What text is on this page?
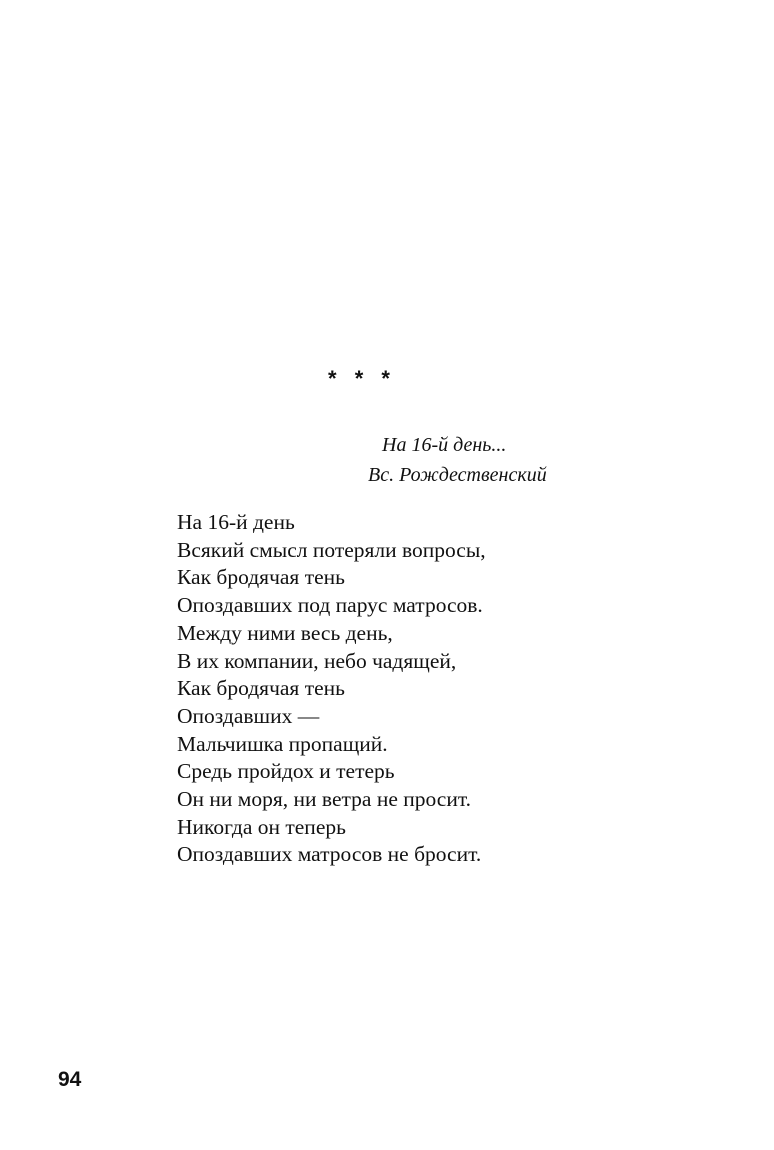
* * *
На 16-й день...
Вс. Рождественский
На 16-й день
Всякий смысл потеряли вопросы,
Как бродячая тень
Опоздавших под парус матросов.
Между ними весь день,
В их компании, небо чадящей,
Как бродячая тень
Опоздавших —
Мальчишка пропащий.
Средь пройдох и тетерь
Он ни моря, ни ветра не просит.
Никогда он теперь
Опоздавших матросов не бросит.
94
